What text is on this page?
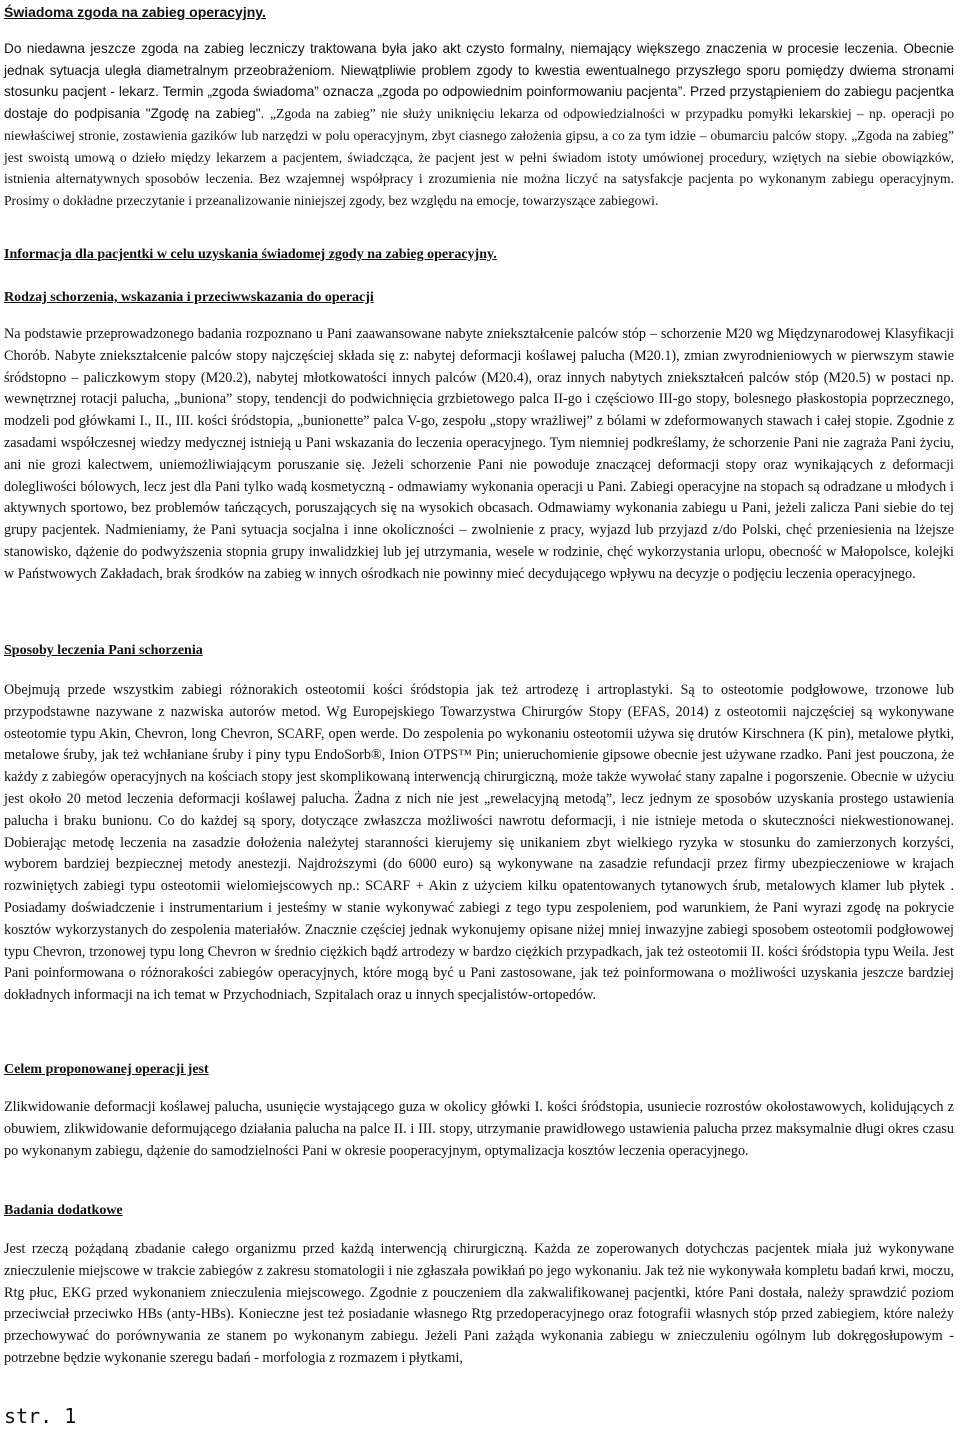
Świadoma zgoda na zabieg operacyjny.

Do niedawna jeszcze zgoda na zabieg leczniczy traktowana była jako akt czysto formalny, niemający większego znaczenia w procesie leczenia. Obecnie jednak sytuacja uległa diametralnym przeobrażeniom. Niewątpliwie problem zgody to kwestia ewentualnego przyszłego sporu pomiędzy dwiema stronami stosunku pacjent - lekarz. Termin „zgoda świadoma” oznacza „zgoda po odpowiednim poinformowaniu pacjenta”. Przed przystąpieniem do zabiegu pacjentka dostaje do podpisania "Zgodę na zabieg". „Zgoda na zabieg” nie służy uniknięciu lekarza od odpowiedzialności w przypadku pomyłki lekarskiej – np. operacji po niewłaściwej stronie, zostawienia gazików lub narzędzi w polu operacyjnym, zbyt ciasnego założenia gipsu, a co za tym idzie – obumarciu palców stopy. „Zgoda na zabieg” jest swoistą umową o dzieło między lekarzem a pacjentem, świadcząca, że pacjent jest w pełni świadom istoty umówionej procedury, wziętych na siebie obowiązków, istnienia alternatywnych sposobów leczenia. Bez wzajemnej współpracy i zrozumienia nie można liczyć na satysfakcje pacjenta po wykonanym zabiegu operacyjnym. Prosimy o dokładne przeczytanie i przeanalizowanie niniejszej zgody, bez względu na emocje, towarzyszące zabiegowi.

Informacja dla pacjentki w celu uzyskania świadomej zgody na zabieg operacyjny.
Rodzaj schorzenia, wskazania i przeciwwskazania do operacji

Na podstawie przeprowadzonego badania rozpoznano u Pani zaawansowane nabyte zniekształcenie palców stóp – schorzenie M20 wg Międzynarodowej Klasyfikacji Chorób. Nabyte zniekształcenie palców stopy najczęściej składa się z: nabytej deformacji koślawej palucha (M20.1), zmian zwyrodnieniowych w pierwszym stawie śródstopno – paliczkowym stopy (M20.2), nabytej młotkowatości innych palców (M20.4), oraz innych nabytych zniekształceń palców stóp (M20.5) w postaci np. wewnętrznej rotacji palucha, „buniona” stopy, tendencji do podwichnięcia grzbietowego palca II-go i częściowo III-go stopy, bolesnego płaskostopia poprzecznego, modzeli pod główkami I., II., III. kości śródstopia, „bunionette” palca V-go, zespołu „stopy wrażliwej” z bólami w zdeformowanych stawach i całej stopie. Zgodnie z zasadami współczesnej wiedzy medycznej istnieją u Pani wskazania do leczenia operacyjnego. Tym niemniej podkreślamy, że schorzenie Pani nie zagraża Pani życiu, ani nie grozi kalectwem, uniemożliwiającym poruszanie się. Jeżeli schorzenie Pani nie powoduje znaczącej deformacji stopy oraz wynikających z deformacji dolegliwości bólowych, lecz jest dla Pani tylko wadą kosmetyczną - odmawiamy wykonania operacji u Pani. Zabiegi operacyjne na stopach są odradzane u młodych i aktywnych sportowo, bez problemów tańczących, poruszających się na wysokich obcasach. Odmawiamy wykonania zabiegu u Pani, jeżeli zalicza Pani siebie do tej grupy pacjentek. Nadmieniamy, że Pani sytuacja socjalna i inne okoliczności – zwolnienie z pracy, wyjazd lub przyjazd z/do Polski, chęć przeniesienia na lżejsze stanowisko, dążenie do podwyższenia stopnia grupy inwalidzkiej lub jej utrzymania, wesele w rodzinie, chęć wykorzystania urlopu, obecność w Małopolsce, kolejki w Państwowych Zakładach, brak środków na zabieg w innych ośrodkach nie powinny mieć decydującego wpływu na decyzje o podjęciu leczenia operacyjnego.

Sposoby leczenia Pani schorzenia

Obejmują przede wszystkim zabiegi różnorakich osteotomii kości śródstopia jak też artrodezę i artroplastyki. Są to osteotomie podgłowowe, trzonowe lub przypodstawne nazywane z nazwiska autorów metod. Wg Europejskiego Towarzystwa Chirurgów Stopy (EFAS, 2014) z osteotomii najczęściej są wykonywane osteotomie typu Akin, Chevron, long Chevron, SCARF, open werde. Do zespolenia po wykonaniu osteotomii używa się drutów Kirschnera (K pin), metalowe płytki, metalowe śruby, jak też wchłaniane śruby i piny typu EndoSorb®, Inion OTPS™ Pin; unieruchomienie gipsowe obecnie jest używane rzadko. Pani jest pouczona, że każdy z zabiegów operacyjnych na kościach stopy jest skomplikowaną interwencją chirurgiczną, może także wywołać stany zapalne i pogorszenie. Obecnie w użyciu jest około 20 metod leczenia deformacji koślawej palucha. Żadna z nich nie jest „rewelacyjną metodą”, lecz jednym ze sposobów uzyskania prostego ustawienia palucha i braku bunionu. Co do każdej są spory, dotyczące zwłaszcza możliwości nawrotu deformacji, i nie istnieje metoda o skuteczności niekwestionowanej. Dobierając metodę leczenia na zasadzie dołożenia należytej staranności kierujemy się unikaniem zbyt wielkiego ryzyka w stosunku do zamierzonych korzyści, wyborem bardziej bezpiecznej metody anestezji. Najdroższymi (do 6000 euro) są wykonywane na zasadzie refundacji przez firmy ubezpieczeniowe w krajach rozwiniętych zabiegi typu osteotomii wielomiejscowych np.: SCARF + Akin z użyciem kilku opatentowanych tytanowych śrub, metalowych klamer lub płytek . Posiadamy doświadczenie i instrumentarium i jesteśmy w stanie wykonywać zabiegi z tego typu zespoleniem, pod warunkiem, że Pani wyrazi zgodę na pokrycie kosztów wykorzystanych do zespolenia materiałów. Znacznie częściej jednak wykonujemy opisane niżej mniej inwazyjne zabiegi sposobem osteotomii podgłowowej typu Chevron, trzonowej typu long Chevron w średnio ciężkich bądź artrodezy w bardzo ciężkich przypadkach, jak też osteotomii II. kości śródstopia typu Weila. Jest Pani poinformowana o różnorakości zabiegów operacyjnych, które mogą być u Pani zastosowane, jak też poinformowana o możliwości uzyskania jeszcze bardziej dokładnych informacji na ich temat w Przychodniach, Szpitalach oraz u innych specjalistów-ortopedów.

Celem proponowanej operacji jest

Zlikwidowanie deformacji koślawej palucha, usunięcie wystającego guza w okolicy główki I. kości śródstopia, usuniecie rozrostów okołostawowych, kolidujących z obuwiem, zlikwidowanie deformującego działania palucha na palce II. i III. stopy, utrzymanie prawidłowego ustawienia palucha przez maksymalnie długi okres czasu po wykonanym zabiegu, dążenie do samodzielności Pani w okresie pooperacyjnym, optymalizacja kosztów leczenia operacyjnego.

Badania dodatkowe

Jest rzeczą pożądaną zbadanie całego organizmu przed każdą interwencją chirurgiczną. Każda ze zoperowanych dotychczas pacjentek miała już wykonywane znieczulenie miejscowe w trakcie zabiegów z zakresu stomatologii i nie zgłaszała powikłań po jego wykonaniu. Jak też nie wykonywała kompletu badań krwi, moczu, Rtg płuc, EKG przed wykonaniem znieczulenia miejscowego. Zgodnie z pouczeniem dla zakwalifikowanej pacjentki, które Pani dostała, należy sprawdzić poziom przeciwciał przeciwko HBs (anty-HBs). Konieczne jest też posiadanie własnego Rtg przedoperacyjnego oraz fotografii własnych stóp przed zabiegiem, które należy przechowywać do porównywania ze stanem po wykonanym zabiegu. Jeżeli Pani zażąda wykonania zabiegu w znieczuleniu ogólnym lub dokręgosłupowym - potrzebne będzie wykonanie szeregu badań - morfologia z rozmazem i płytkami,

str. 1
